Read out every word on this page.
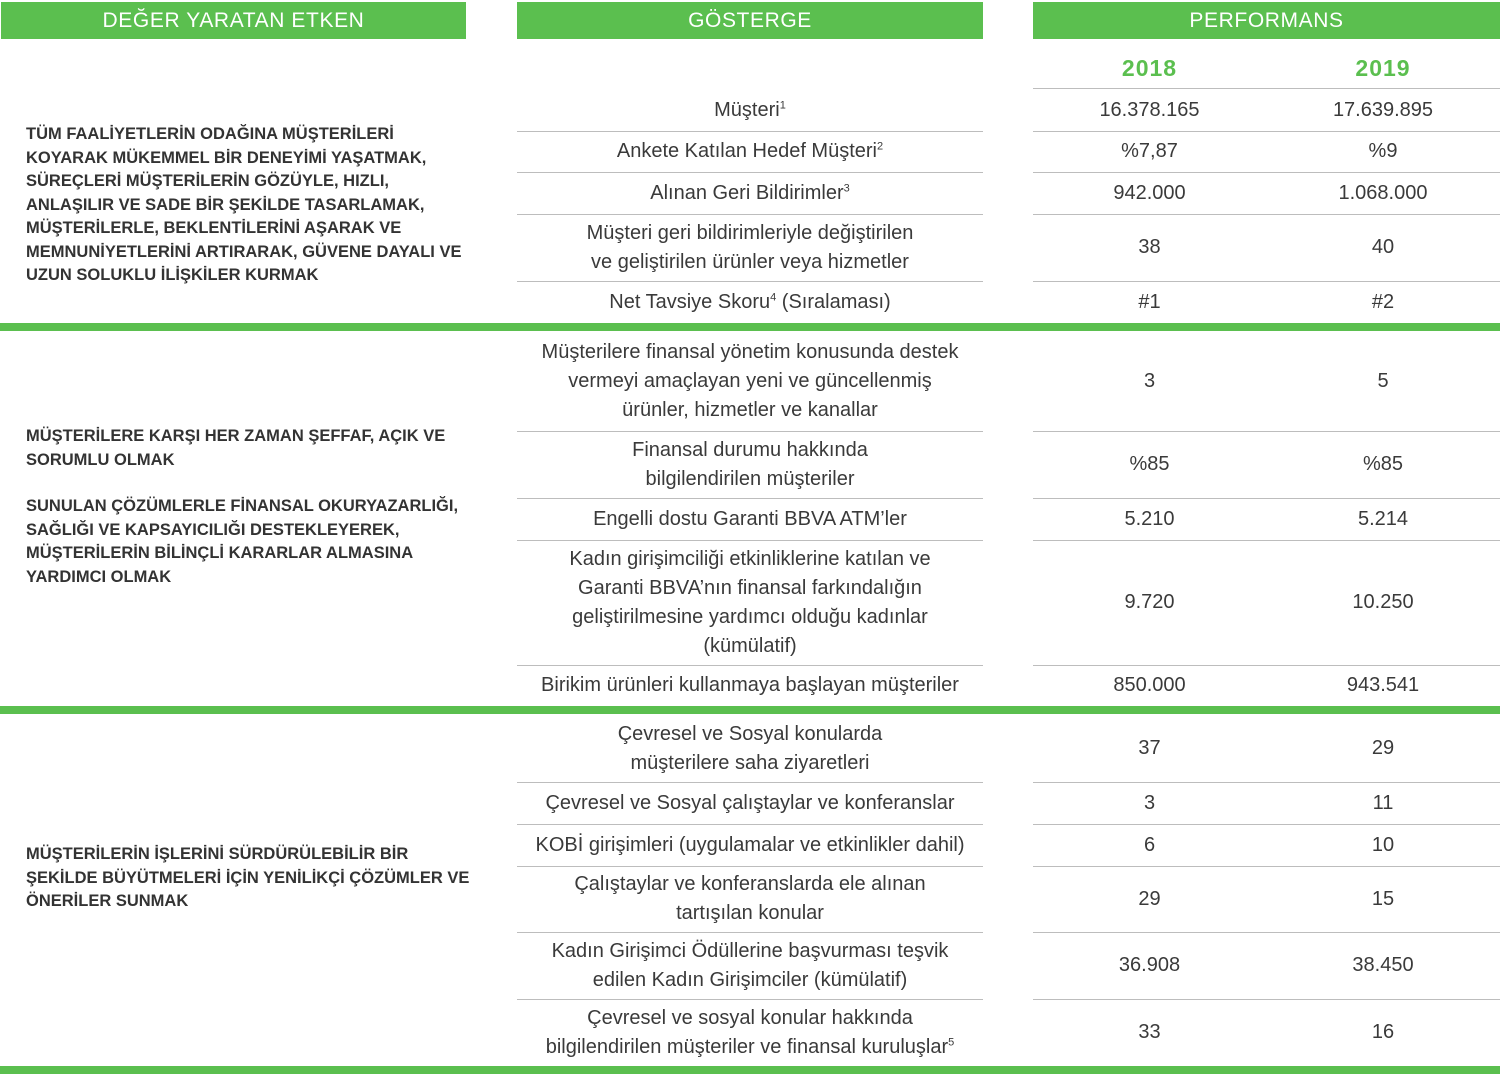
DEĞER YARATAN ETKEN	GÖSTERGE	PERFORMANS
2018	2019

TÜM FAALİYETLERİN ODAĞINA MÜŞTERİLERİ KOYARAK MÜKEMMEL BİR DENEYİMİ YAŞATMAK, SÜREÇLERİ MÜŞTERİLERİN GÖZÜYLE, HIZLI, ANLAŞILIR VE SADE BİR ŞEKİLDE TASARLAMAK, MÜŞTERİLERLE, BEKLENTİLERİNİ AŞARAK VE MEMNUNİYETLERİNİ ARTIRARAK, GÜVENE DAYALI VE UZUN SOLUKLU İLİŞKİLER KURMAK

Müşteri$^1$	16.378.165	17.639.895
Ankete Katılan Hedef Müşteri$^2$	%7,87	%9
Alınan Geri Bildirimler$^3$	942.000	1.068.000
Müşteri geri bildirimleriyle değiştirilen
ve geliştirilen ürünler veya hizmetler
38	40
Net Tavsiye Skoru$^4$ (Sıralaması)	#1	#2

MÜŞTERİLERE KARŞI HER ZAMAN ŞEFFAF, AÇIK VE SORUMLU OLMAK

SUNULAN ÇÖZÜMLERLE FİNANSAL OKURYAZARLIĞI, SAĞLIĞI VE KAPSAYICILIĞI DESTEKLEYEREK, MÜŞTERİLERİN BİLİNÇLİ KARARLAR ALMASINA YARDIMCI OLMAK

Müşterilere finansal yönetim konusunda destek
vermeyi amaçlayan yeni ve güncellenmiş
ürünler, hizmetler ve kanallar
3	5
Finansal durumu hakkında
bilgilendirilen müşteriler
%85	%85
Engelli dostu Garanti BBVA ATM’ler	5.210	5.214
Kadın girişimciliği etkinliklerine katılan ve
Garanti BBVA’nın finansal farkındalığın
geliştirilmesine yardımcı olduğu kadınlar
(kümülatif)
9.720	10.250
Birikim ürünleri kullanmaya başlayan müşteriler	850.000	943.541

MÜŞTERİLERİN İŞLERİNİ SÜRDÜRÜLEBİLİR BİR ŞEKİLDE BÜYÜTMELERİ İÇİN YENİLİKÇİ ÇÖZÜMLER VE ÖNERİLER SUNMAK

Çevresel ve Sosyal konularda
müşterilere saha ziyaretleri
37	29
Çevresel ve Sosyal çalıştaylar ve konferanslar	3	11
KOBİ girişimleri (uygulamalar ve etkinlikler dahil)	6	10
Çalıştaylar ve konferanslarda ele alınan
tartışılan konular
29	15
Kadın Girişimci Ödüllerine başvurması teşvik
edilen Kadın Girişimciler (kümülatif)
36.908	38.450
Çevresel ve sosyal konular hakkında
bilgilendirilen müşteriler ve finansal kuruluşlar$^5$	33	16
